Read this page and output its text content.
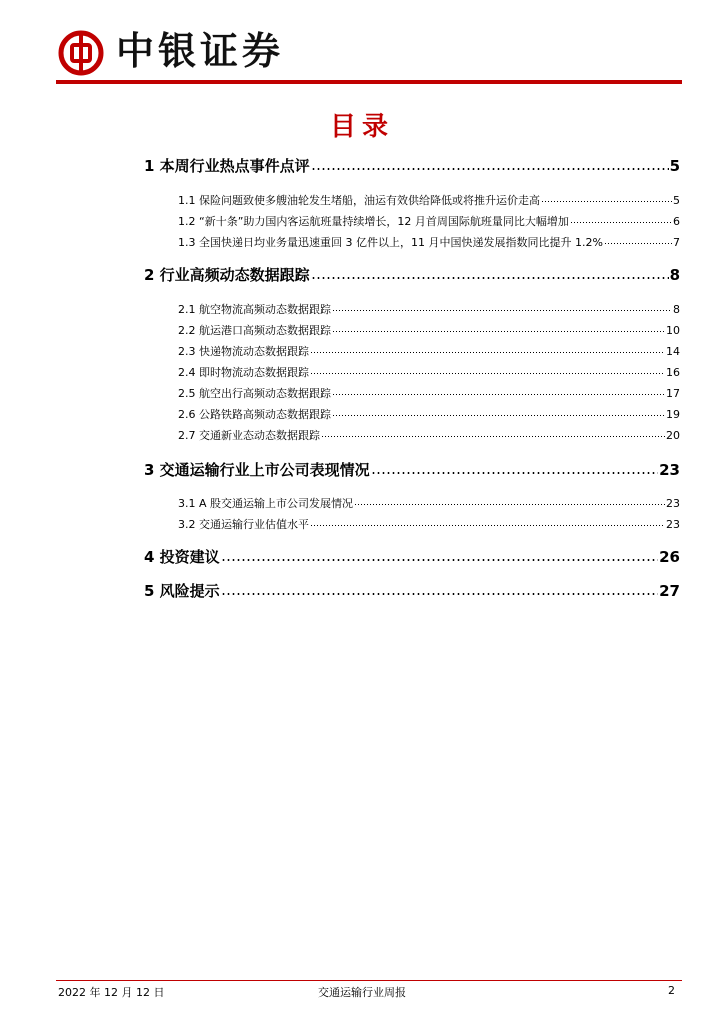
中银证券
目录
1 本周行业热点事件点评	5
1.1 保险问题致使多艘油轮发生堵船，油运有效供给降低或将推升运价走高	5
1.2 “新十条”助力国内客运航班量持续增长，12 月首周国际航班量同比大幅增加	6
1.3 全国快递日均业务量迅速重回 3 亿件以上，11 月中国快递发展指数同比提升 1.2%	7
2 行业高频动态数据跟踪	8
2.1 航空物流高频动态数据跟踪	8
2.2 航运港口高频动态数据跟踪	10
2.3 快递物流动态数据跟踪	14
2.4 即时物流动态数据跟踪	16
2.5 航空出行高频动态数据跟踪	17
2.6 公路铁路高频动态数据跟踪	19
2.7 交通新业态动态数据跟踪	20
3 交通运输行业上市公司表现情况	23
3.1 A 股交通运输上市公司发展情况	23
3.2 交通运输行业估值水平	23
4 投资建议	26
5 风险提示	27
2022 年 12 月 12 日	交通运输行业周报	2
